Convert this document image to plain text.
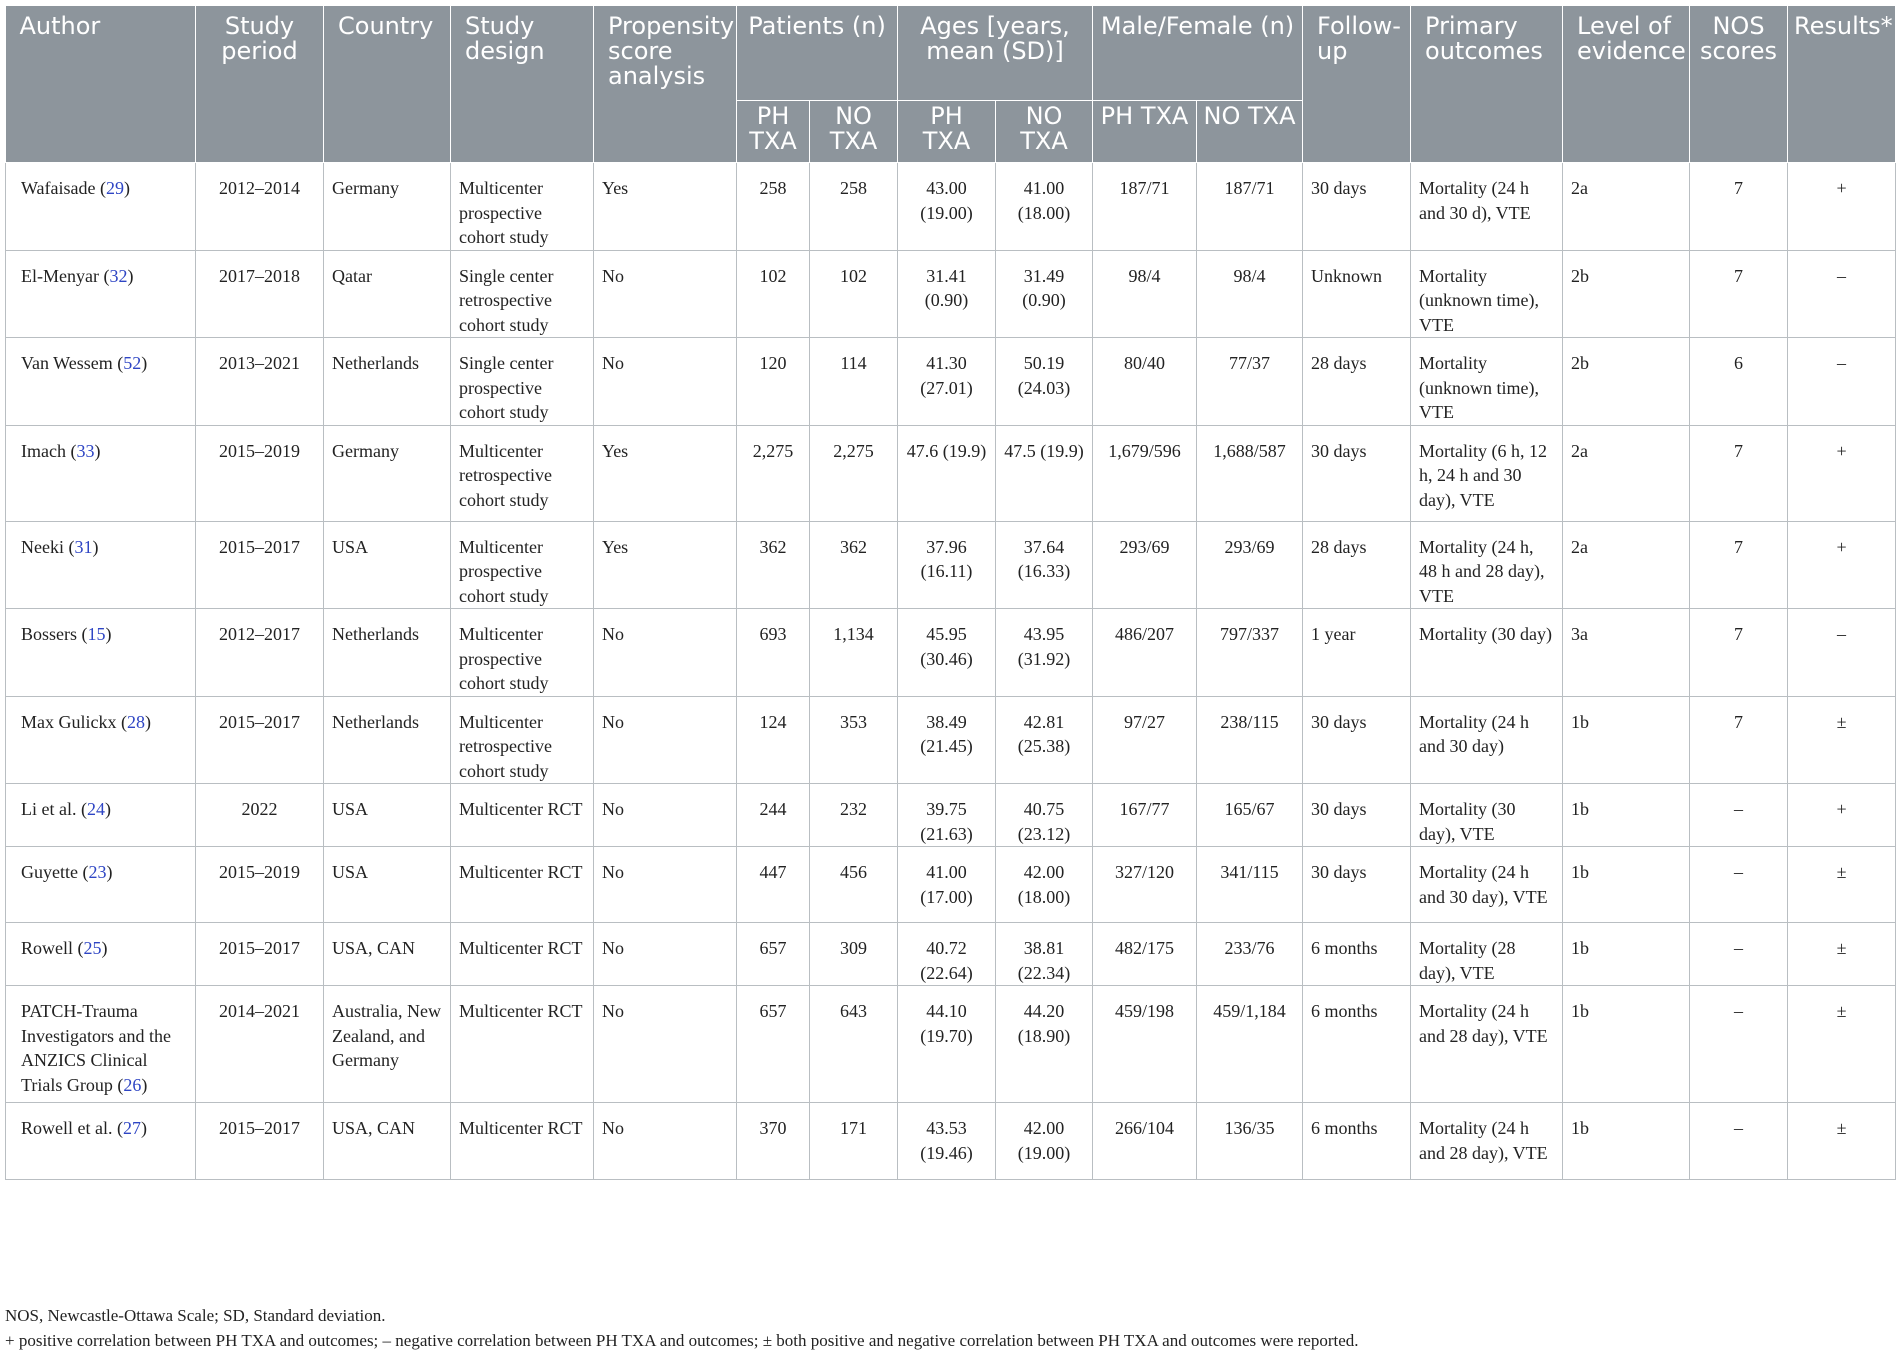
Author	Study period	Country	Study design	Propensity score analysis	Patients (n)		Ages [years, mean (SD)]		Male/Female (n)		Follow-up	Primary outcomes	Level of evidence	NOS scores	Results*
					PH TXA	NO TXA	PH TXA	NO TXA	PH TXA	NO TXA					
Wafaisade (29)	2012–2014	Germany	Multicenter prospective cohort study	Yes	258	258	43.00 (19.00)	41.00 (18.00)	187/71	187/71	30 days	Mortality (24 h and 30 d), VTE	2a	7	+
El-Menyar (32)	2017–2018	Qatar	Single center retrospective cohort study	No	102	102	31.41 (0.90)	31.49 (0.90)	98/4	98/4	Unknown	Mortality (unknown time), VTE	2b	7	–
Van Wessem (52)	2013–2021	Netherlands	Single center prospective cohort study	No	120	114	41.30 (27.01)	50.19 (24.03)	80/40	77/37	28 days	Mortality (unknown time), VTE	2b	6	–
Imach (33)	2015–2019	Germany	Multicenter retrospective cohort study	Yes	2,275	2,275	47.6 (19.9)	47.5 (19.9)	1,679/596	1,688/587	30 days	Mortality (6 h, 12 h, 24 h and 30 day), VTE	2a	7	+
Neeki (31)	2015–2017	USA	Multicenter prospective cohort study	Yes	362	362	37.96 (16.11)	37.64 (16.33)	293/69	293/69	28 days	Mortality (24 h, 48 h and 28 day), VTE	2a	7	+
Bossers (15)	2012–2017	Netherlands	Multicenter prospective cohort study	No	693	1,134	45.95 (30.46)	43.95 (31.92)	486/207	797/337	1 year	Mortality (30 day)	3a	7	–
Max Gulickx (28)	2015–2017	Netherlands	Multicenter retrospective cohort study	No	124	353	38.49 (21.45)	42.81 (25.38)	97/27	238/115	30 days	Mortality (24 h and 30 day)	1b	7	±
Li et al. (24)	2022	USA	Multicenter RCT	No	244	232	39.75 (21.63)	40.75 (23.12)	167/77	165/67	30 days	Mortality (30 day), VTE	1b	–	+
Guyette (23)	2015–2019	USA	Multicenter RCT	No	447	456	41.00 (17.00)	42.00 (18.00)	327/120	341/115	30 days	Mortality (24 h and 30 day), VTE	1b	–	±
Rowell (25)	2015–2017	USA, CAN	Multicenter RCT	No	657	309	40.72 (22.64)	38.81 (22.34)	482/175	233/76	6 months	Mortality (28 day), VTE	1b	–	±
PATCH-Trauma Investigators and the ANZICS Clinical Trials Group (26)	2014–2021	Australia, New Zealand, and Germany	Multicenter RCT	No	657	643	44.10 (19.70)	44.20 (18.90)	459/198	459/1,184	6 months	Mortality (24 h and 28 day), VTE	1b	–	±
Rowell et al. (27)	2015–2017	USA, CAN	Multicenter RCT	No	370	171	43.53 (19.46)	42.00 (19.00)	266/104	136/35	6 months	Mortality (24 h and 28 day), VTE	1b	–	±
NOS, Newcastle-Ottawa Scale; SD, Standard deviation.
+ positive correlation between PH TXA and outcomes; – negative correlation between PH TXA and outcomes; ± both positive and negative correlation between PH TXA and outcomes were reported.
